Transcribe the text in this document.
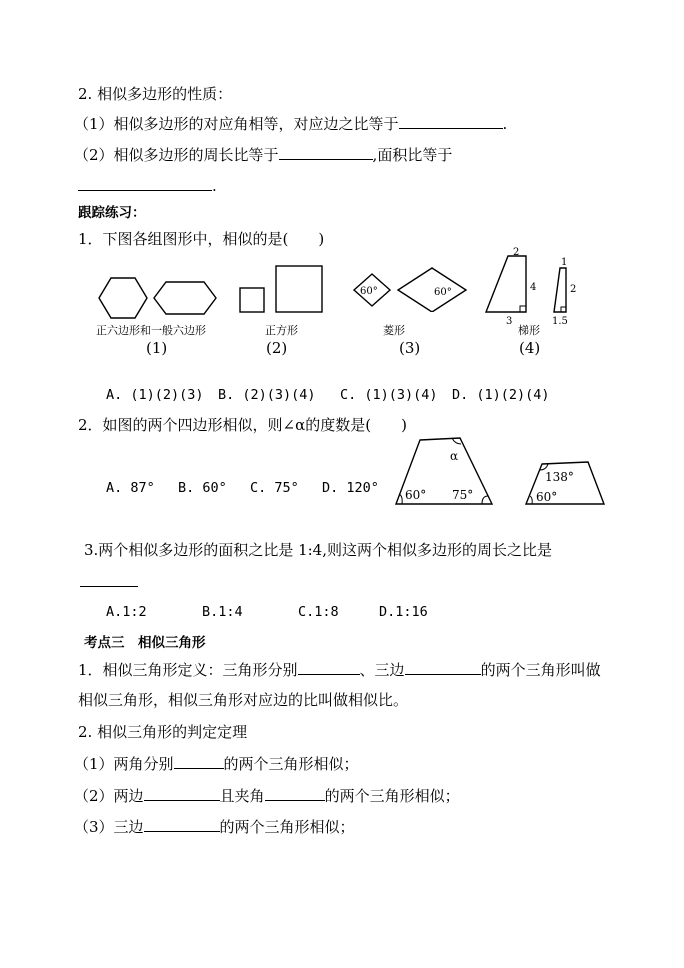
2. 相似多边形的性质：
（1）相似多边形的对应角相等，对应边之比等于	.
（2）相似多边形的周长比等于	,面积比等于
.
跟踪练习：
1．下图各组图形中，相似的是(　　)
正六边形和一般六边形
(1)
正方形
(2)
60°	60°
菱形
(3)
2
4
3
1
2
1.5
梯形
(4)
A. (1)(2)(3) B. (2)(3)(4) C. (1)(3)(4) D. (1)(2)(4)
2．如图的两个四边形相似，则∠α的度数是(　　)
A. 87° B. 60° C. 75° D. 120°
α
60° 75°
138°
60°
3.两个相似多边形的面积之比是 1:4,则这两个相似多边形的周长之比是
A.1:2	B.1:4	C.1:8	D.1:16
考点三　相似三角形
1．相似三角形定义：三角形分别	、三边	的两个三角形叫做
相似三角形，相似三角形对应边的比叫做相似比。
2. 相似三角形的判定定理
（1）两角分别	的两个三角形相似；
（2）两边	且夹角	的两个三角形相似；
（3）三边	的两个三角形相似；
